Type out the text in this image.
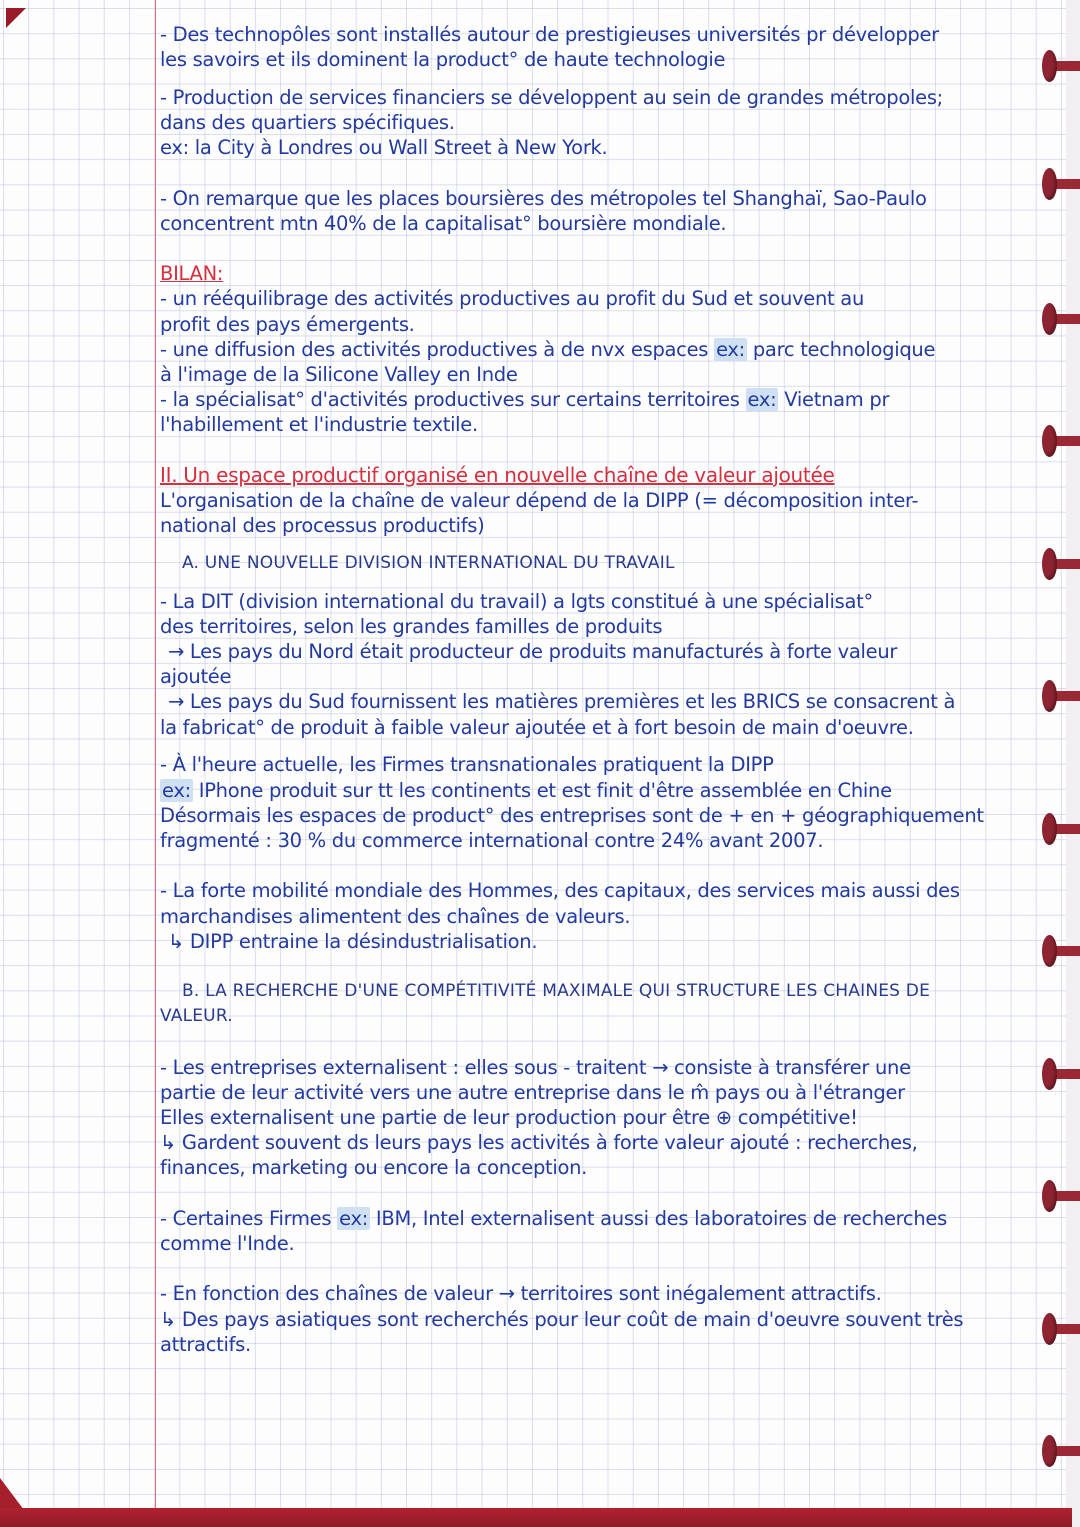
- Des technopôles sont installés autour de prestigieuses universités pr développer
les savoirs et ils dominent la product° de haute technologie
- Production de services financiers se développent au sein de grandes métropoles;
dans des quartiers spécifiques.
ex: la City à Londres ou Wall Street à New York.
- On remarque que les places boursières des métropoles tel Shanghaï, Sao-Paulo
concentrent mtn 40% de la capitalisat° boursière mondiale.
BILAN:
- un rééquilibrage des activités productives au profit du Sud et souvent au
profit des pays émergents.
- une diffusion des activités productives à de nvx espaces ex: parc technologique
à l'image de la Silicone Valley en Inde
- la spécialisat° d'activités productives sur certains territoires ex: Vietnam pr
l'habillement et l'industrie textile.
II. Un espace productif organisé en nouvelle chaîne de valeur ajoutée
L'organisation de la chaîne de valeur dépend de la DIPP (= décomposition inter-
national des processus productifs)
A. UNE NOUVELLE DIVISION INTERNATIONAL DU TRAVAIL
- La DIT (division international du travail) a lgts constitué à une spécialisat°
des territoires, selon les grandes familles de produits
→ Les pays du Nord était producteur de produits manufacturés à forte valeur
ajoutée
→ Les pays du Sud fournissent les matières premières et les BRICS se consacrent à
la fabricat° de produit à faible valeur ajoutée et à fort besoin de main d'oeuvre.
- À l'heure actuelle, les Firmes transnationales pratiquent la DIPP
ex: IPhone produit sur tt les continents et est finit d'être assemblée en Chine
Désormais les espaces de product° des entreprises sont de + en + géographiquement
fragmenté : 30 % du commerce international contre 24% avant 2007.
- La forte mobilité mondiale des Hommes, des capitaux, des services mais aussi des
marchandises alimentent des chaînes de valeurs.
↳ DIPP entraine la désindustrialisation.
B. LA RECHERCHE D'UNE COMPÉTITIVITÉ MAXIMALE QUI STRUCTURE LES CHAINES DE
VALEUR.
- Les entreprises externalisent : elles sous - traitent → consiste à transférer une
partie de leur activité vers une autre entreprise dans le m̂ pays ou à l'étranger
Elles externalisent une partie de leur production pour être ⊕ compétitive!
↳ Gardent souvent ds leurs pays les activités à forte valeur ajouté : recherches,
finances, marketing ou encore la conception.
- Certaines Firmes ex: IBM, Intel externalisent aussi des laboratoires de recherches
comme l'Inde.
- En fonction des chaînes de valeur → territoires sont inégalement attractifs.
↳ Des pays asiatiques sont recherchés pour leur coût de main d'oeuvre souvent très
attractifs.
